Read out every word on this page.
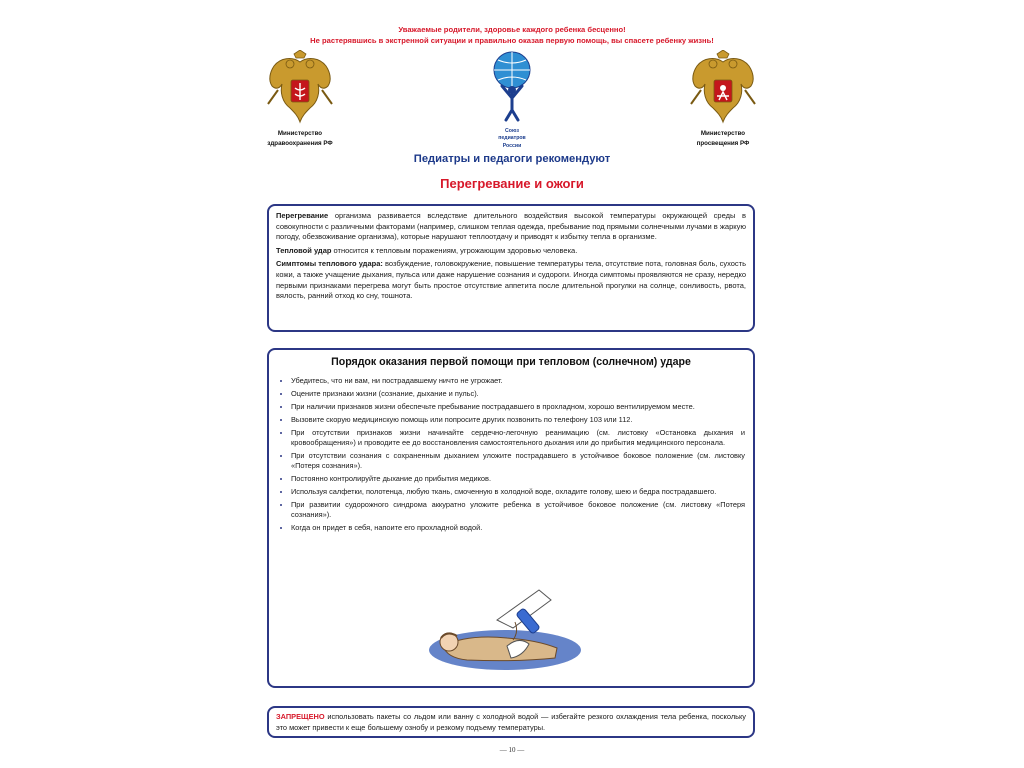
Уважаемые родители, здоровье каждого ребенка бесценно!
Не растерявшись в экстренной ситуации и правильно оказав первую помощь, вы спасете ребенку жизнь!
Министерство
здравоохранения РФ
Союз
педиатров
России
Министерство
просвещения РФ
Педиатры и педагоги рекомендуют
Перегревание и ожоги

Перегревание организма развивается вследствие длительного воздействия высокой температуры окружающей среды в совокупности с различными факторами (например, слишком теплая одежда, пребывание под прямыми солнечными лучами в жаркую погоду, обезвоживание организма), которые нарушают теплоотдачу и приводят к избытку тепла в организме.

Тепловой удар относится к тепловым поражениям, угрожающим здоровью человека.

Симптомы теплового удара: возбуждение, головокружение, повышение температуры тела, отсутствие пота, головная боль, сухость кожи, а также учащение дыхания, пульса или даже нарушение сознания и судороги. Иногда симптомы проявляются не сразу, нередко первыми признаками перегрева могут быть простое отсутствие аппетита после длительной прогулки на солнце, сонливость, рвота, вялость, ранний отход ко сну, тошнота.

Порядок оказания первой помощи при тепловом (солнечном) ударе
• Убедитесь, что ни вам, ни пострадавшему ничто не угрожает.
• Оцените признаки жизни (сознание, дыхание и пульс).
• При наличии признаков жизни обеспечьте пребывание пострадавшего в прохладном, хорошо вентилируемом месте.
• Вызовите скорую медицинскую помощь или попросите других позвонить по телефону 103 или 112.
• При отсутствии признаков жизни начинайте сердечно-легочную реанимацию (см. листовку «Остановка дыхания и кровообращения») и проводите ее до восстановления самостоятельного дыхания или до прибытия медицинского персонала.
• При отсутствии сознания с сохраненным дыханием уложите пострадавшего в устойчивое боковое положение (см. листовку «Потеря сознания»).
• Постоянно контролируйте дыхание до прибытия медиков.
• Используя салфетки, полотенца, любую ткань, смоченную в холодной воде, охладите голову, шею и бедра пострадавшего.
• При развитии судорожного синдрома аккуратно уложите ребенка в устойчивое боковое положение (см. листовку «Потеря сознания»).
• Когда он придет в себя, напоите его прохладной водой.

ЗАПРЕЩЕНО использовать пакеты со льдом или ванну с холодной водой — избегайте резкого охлаждения тела ребенка, поскольку это может привести к еще большему ознобу и резкому подъему температуры.

— 10 —
